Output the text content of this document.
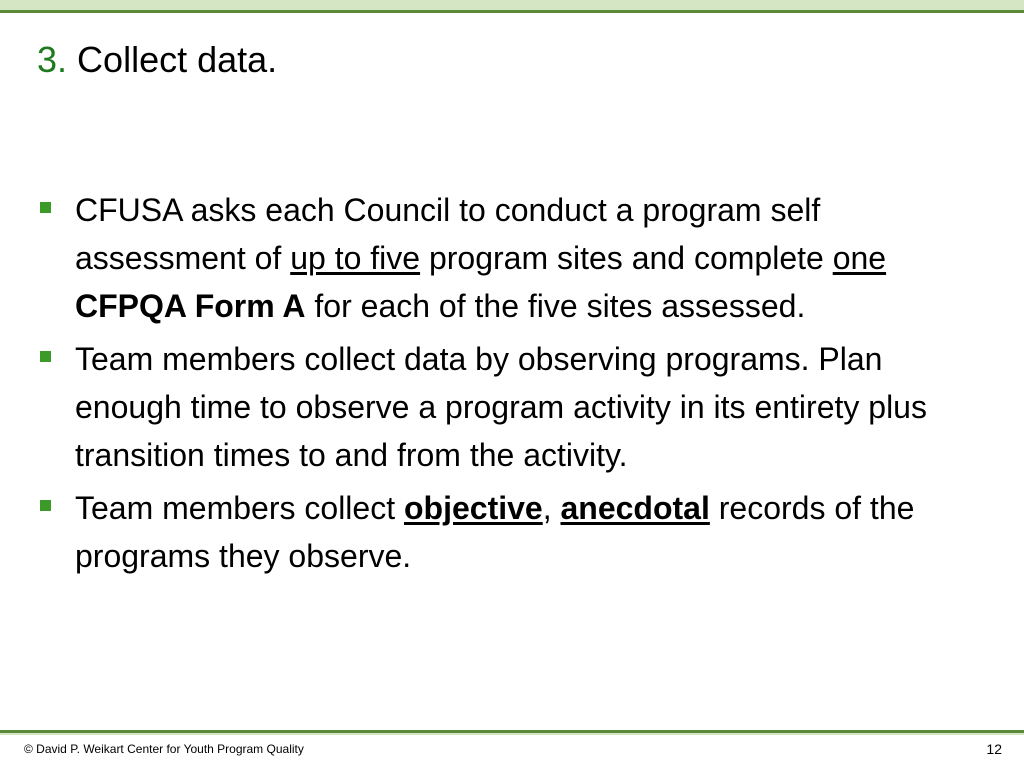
3. Collect data.
CFUSA asks each Council to conduct a program self assessment of up to five program sites and complete one CFPQA Form A for each of the five sites assessed.
Team members collect data by observing programs. Plan enough time to observe a program activity in its entirety plus transition times to and from the activity.
Team members collect objective, anecdotal records of the programs they observe.
© David P. Weikart Center for Youth Program Quality	12
